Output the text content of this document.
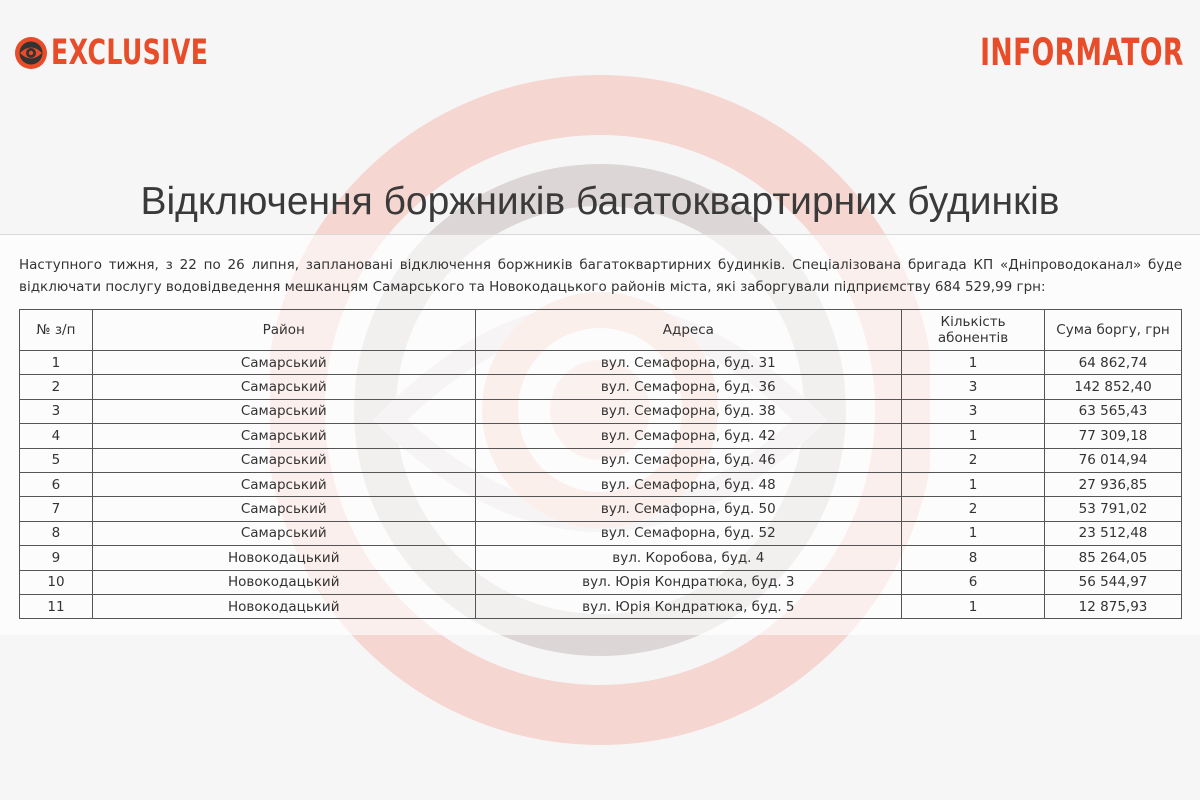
EXCLUSIVE	INFORMATOR
Відключення боржників багатоквартирних будинків
Наступного тижня, з 22 по 26 липня, заплановані відключення боржників багатоквартирних будинків. Спеціалізована бригада КП «Дніпроводоканал» буде відключати послугу водовідведення мешканцям Самарського та Новокодацького районів міста, які заборгували підприємству 684 529,99 грн:
№ з/п	Район	Адреса	Кількість абонентів	Сума боргу, грн
1	Самарський	вул. Семафорна, буд. 31	1	64 862,74
2	Самарський	вул. Семафорна, буд. 36	3	142 852,40
3	Самарський	вул. Семафорна, буд. 38	3	63 565,43
4	Самарський	вул. Семафорна, буд. 42	1	77 309,18
5	Самарський	вул. Семафорна, буд. 46	2	76 014,94
6	Самарський	вул. Семафорна, буд. 48	1	27 936,85
7	Самарський	вул. Семафорна, буд. 50	2	53 791,02
8	Самарський	вул. Семафорна, буд. 52	1	23 512,48
9	Новокодацький	вул. Коробова, буд. 4	8	85 264,05
10	Новокодацький	вул. Юрія Кондратюка, буд. 3	6	56 544,97
11	Новокодацький	вул. Юрія Кондратюка, буд. 5	1	12 875,93
